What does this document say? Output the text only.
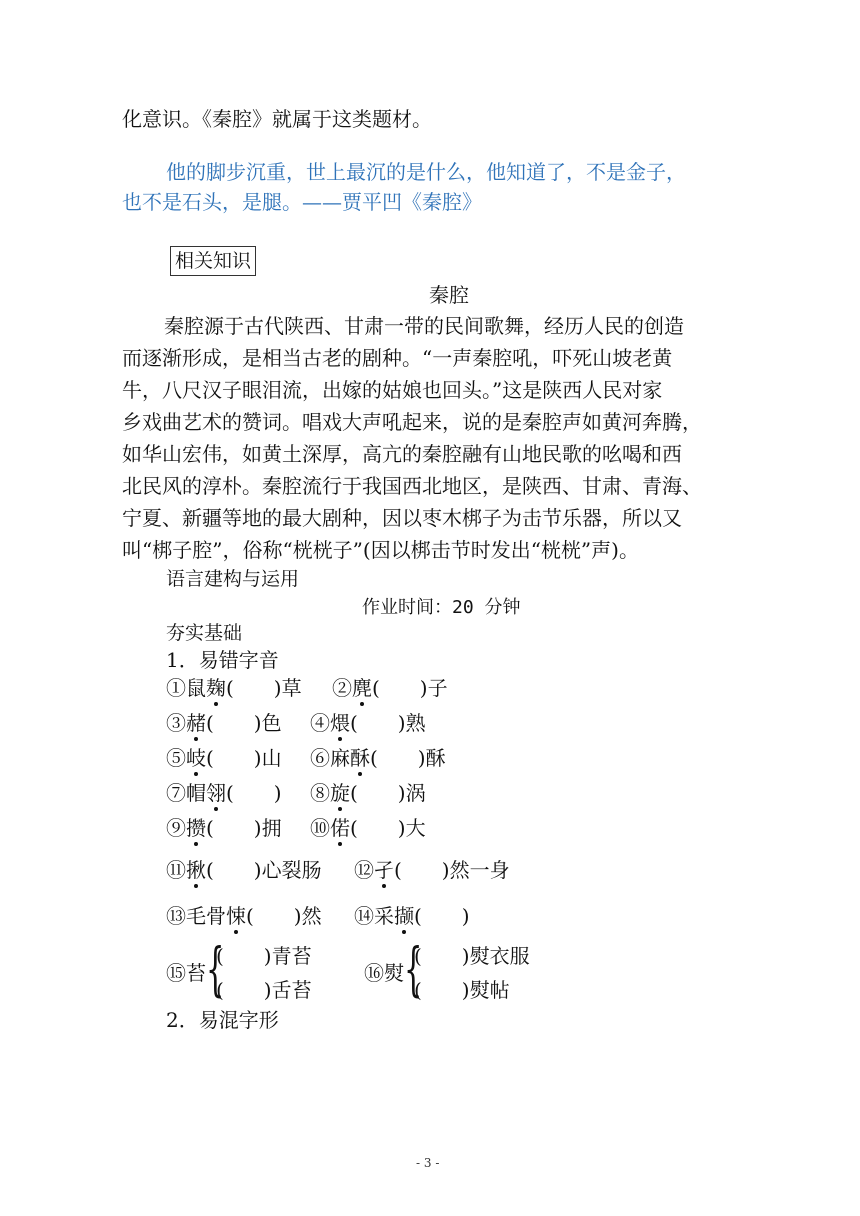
化意识。《秦腔》就属于这类题材。
他的脚步沉重，世上最沉的是什么，他知道了，不是金子，
也不是石头，是腿。——贾平凹《秦腔》
相关知识
秦腔
秦腔源于古代陕西、甘肃一带的民间歌舞，经历人民的创造
而逐渐形成，是相当古老的剧种。“一声秦腔吼，吓死山坡老黄
牛，八尺汉子眼泪流，出嫁的姑娘也回头。”这是陕西人民对家
乡戏曲艺术的赞词。唱戏大声吼起来，说的是秦腔声如黄河奔腾，
如华山宏伟，如黄土深厚，高亢的秦腔融有山地民歌的吆喝和西
北民风的淳朴。秦腔流行于我国西北地区，是陕西、甘肃、青海、
宁夏、新疆等地的最大剧种，因以枣木梆子为击节乐器，所以又
叫“梆子腔”，俗称“桄桄子”(因以梆击节时发出“桄桄”声)。
语言建构与运用
作业时间：20 分钟
夯实基础
1．易错字音
①鼠麹(　　)草 ②麂(　　)子
③赭(　　)色 ④煨(　　)熟
⑤岐(　　)山 ⑥麻酥(　　)酥
⑦帽翎(　　) ⑧旋(　　)涡
⑨攒(　　)拥 ⑩偌(　　)大
⑪揪(　　)心裂肠 ⑫孑(　　)然一身
⑬毛骨悚(　　)然 ⑭采撷(　　)
⑮苔 {
(　　)青苔
(　　)舌苔
⑯熨 {
(　　)熨衣服
(　　)熨帖
2．易混字形
- 3 -
